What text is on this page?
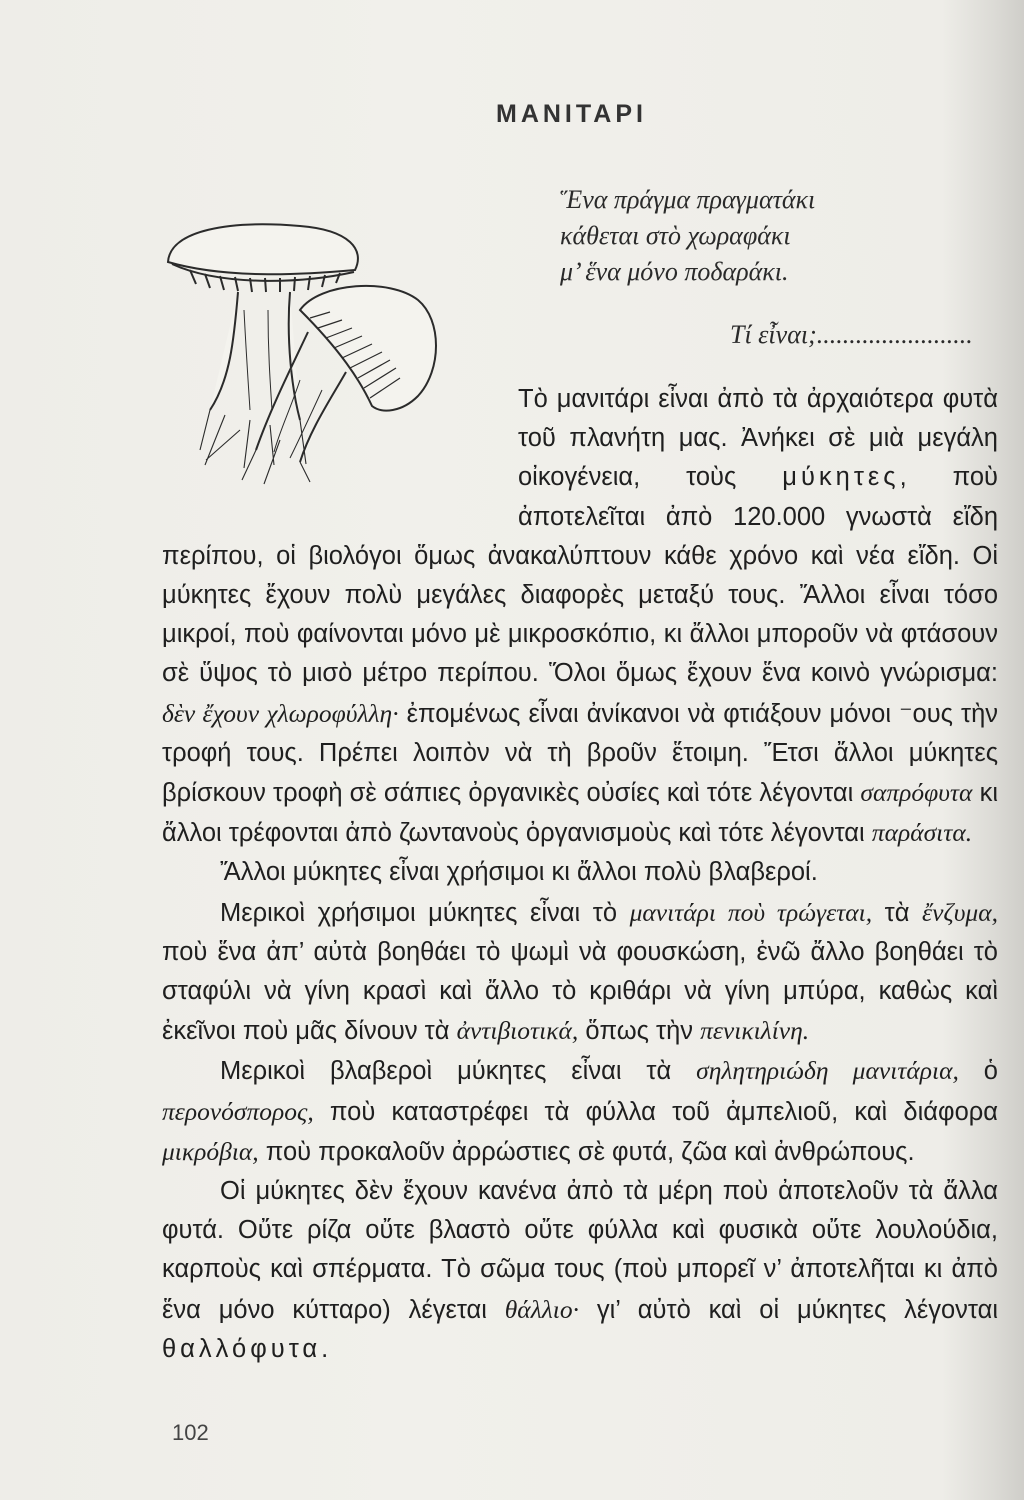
ΜΑΝΙΤΑΡΙ
Ἕνα πράγμα πραγματάκι
κάθεται στὸ χωραφάκι
μ’ ἕνα μόνο ποδαράκι.
Τί εἶναι;........................

Τὸ μανιτάρι εἶναι ἀπὸ τὰ ἀρχαιότερα φυτὰ τοῦ πλανήτη μας. Ἀνήκει σὲ μιὰ μεγάλη οἰκογένεια, τοὺς μύκητες, ποὺ ἀποτελεῖται ἀπὸ 120.000 γνωστὰ εἴδη περίπου, οἱ βιολόγοι ὅμως ἀνακαλύπτουν κάθε χρόνο καὶ νέα εἴδη. Οἱ μύκητες ἔχουν πολὺ μεγάλες διαφορὲς μεταξύ τους. Ἄλλοι εἶναι τόσο μικροί, ποὺ φαίνονται μόνο μὲ μικροσκόπιο, κι ἄλλοι μποροῦν νὰ φτάσουν σὲ ὕψος τὸ μισὸ μέτρο περίπου. Ὅλοι ὅμως ἔχουν ἕνα κοινὸ γνώρισμα: δὲν ἔχουν χλωροφύλλη· ἐπομένως εἶναι ἀνίκανοι νὰ φτιάξουν μόνοι ⁻ους τὴν τροφή τους. Πρέπει λοιπὸν νὰ τὴ βροῦν ἕτοιμη. Ἔτσι ἄλλοι μύκητες βρίσκουν τροφὴ σὲ σάπιες ὀργανικὲς οὐσίες καὶ τότε λέγονται σαπρόφυτα κι ἄλλοι τρέφονται ἀπὸ ζωντανοὺς ὀργανισμοὺς καὶ τότε λέγονται παράσιτα.

Ἄλλοι μύκητες εἶναι χρήσιμοι κι ἄλλοι πολὺ βλαβεροί.

Μερικοὶ χρήσιμοι μύκητες εἶναι τὸ μανιτάρι ποὺ τρώγεται, τὰ ἔνζυμα, ποὺ ἕνα ἀπ’ αὐτὰ βοηθάει τὸ ψωμὶ νὰ φουσκώση, ἐνῶ ἄλλο βοηθάει τὸ σταφύλι νὰ γίνη κρασὶ καὶ ἄλλο τὸ κριθάρι νὰ γίνη μπύρα, καθὼς καὶ ἐκεῖνοι ποὺ μᾶς δίνουν τὰ ἀντιβιοτικά, ὅπως τὴν πενικιλίνη.

Μερικοὶ βλαβεροὶ μύκητες εἶναι τὰ σηλητηριώδη μανιτάρια, ὁ περονόσπορος, ποὺ καταστρέφει τὰ φύλλα τοῦ ἀμπελιοῦ, καὶ διάφορα μικρόβια, ποὺ προκαλοῦν ἀρρώστιες σὲ φυτά, ζῶα καὶ ἀνθρώπους.

Οἱ μύκητες δὲν ἔχουν κανένα ἀπὸ τὰ μέρη ποὺ ἀποτελοῦν τὰ ἄλλα φυτά. Οὔτε ρίζα οὔτε βλαστὸ οὔτε φύλλα καὶ φυσικὰ οὔτε λουλούδια, καρποὺς καὶ σπέρματα. Τὸ σῶμα τους (ποὺ μπορεῖ ν’ ἀποτελῆται κι ἀπὸ ἕνα μόνο κύτταρο) λέγεται θάλλιο· γι’ αὐτὸ καὶ οἱ μύκητες λέγονται θαλλόφυτα.

102
